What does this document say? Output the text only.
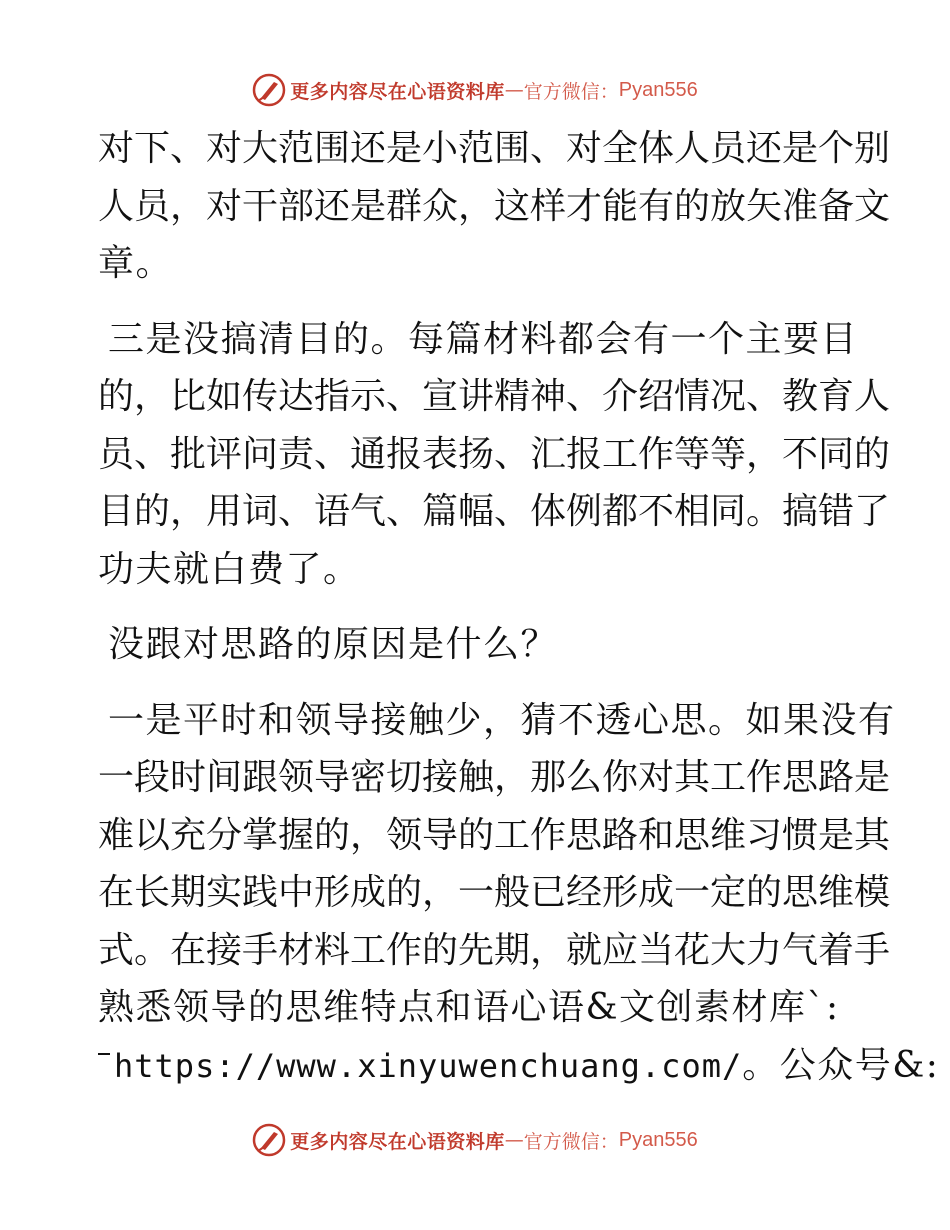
更多内容尽在心语资料库 — 官方微信： Pyan556
对下、对大范围还是小范围、对全体人员还是个别
人员，对干部还是群众，这样才能有的放矢准备文
章。
三是没搞清目的。每篇材料都会有一个主要目
的，比如传达指示、宣讲精神、介绍情况、教育人
员、批评问责、通报表扬、汇报工作等等，不同的
目的，用词、语气、篇幅、体例都不相同。搞错了
功夫就白费了。
没跟对思路的原因是什么？
一是平时和领导接触少，猜不透心思。如果没有
一段时间跟领导密切接触，那么你对其工作思路是
难以充分掌握的，领导的工作思路和思维习惯是其
在长期实践中形成的，一般已经形成一定的思维模
式。在接手材料工作的先期，就应当花大力气着手
熟悉领导的思维特点和语心语&文创素材库`:
https://www.xinyuwenchuang.com/。公众号&:
更多内容尽在心语资料库 — 官方微信： Pyan556
